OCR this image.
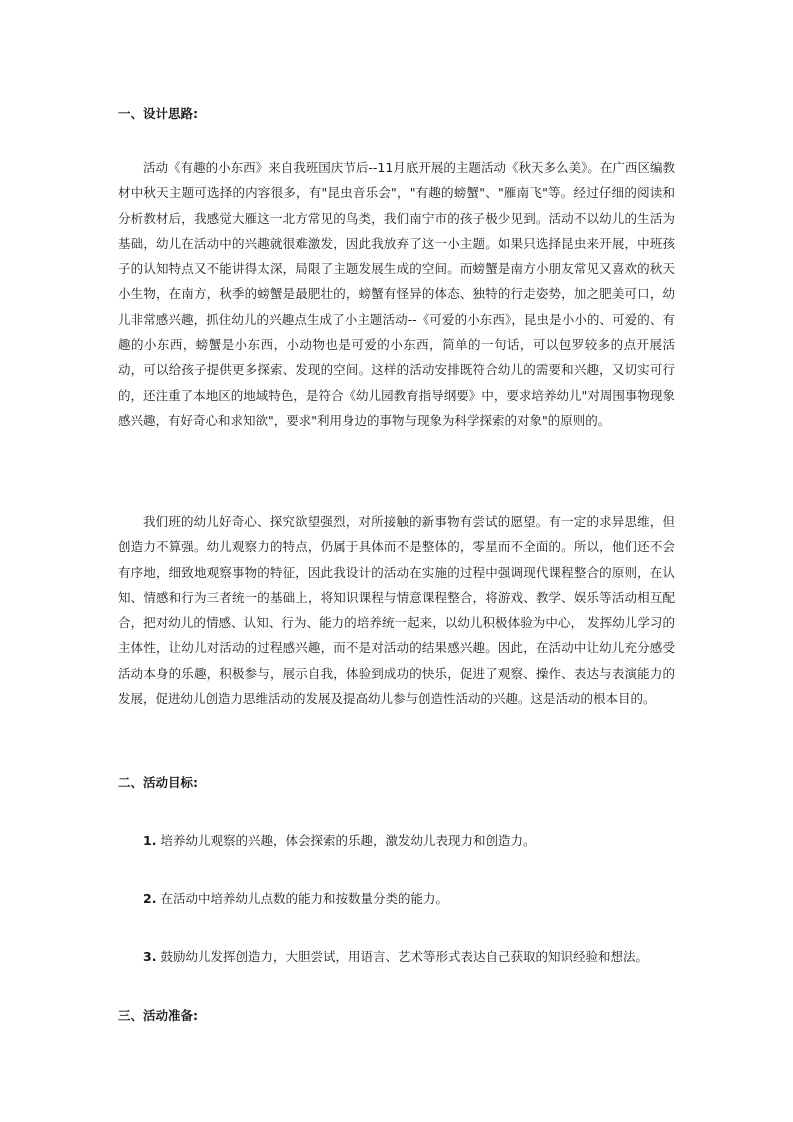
一、设计思路:

活动《有趣的小东西》来自我班国庆节后--11月底开展的主题活动《秋天多么美》。在广西区编教材中秋天主题可选择的内容很多，有"昆虫音乐会"，"有趣的螃蟹"、"雁南飞"等。经过仔细的阅读和分析教材后，我感觉大雁这一北方常见的鸟类，我们南宁市的孩子极少见到。活动不以幼儿的生活为基础，幼儿在活动中的兴趣就很难激发，因此我放弃了这一小主题。如果只选择昆虫来开展，中班孩子的认知特点又不能讲得太深，局限了主题发展生成的空间。而螃蟹是南方小朋友常见又喜欢的秋天小生物，在南方，秋季的螃蟹是最肥壮的，螃蟹有怪异的体态、独特的行走姿势，加之肥美可口，幼儿非常感兴趣，抓住幼儿的兴趣点生成了小主题活动--《可爱的小东西》，昆虫是小小的、可爱的、有趣的小东西，螃蟹是小东西，小动物也是可爱的小东西，简单的一句话，可以包罗较多的点开展活动，可以给孩子提供更多探索、发现的空间。这样的活动安排既符合幼儿的需要和兴趣，又切实可行的，还注重了本地区的地域特色，是符合《幼儿园教育指导纲要》中，要求培养幼儿"对周围事物现象感兴趣，有好奇心和求知欲"，要求"利用身边的事物与现象为科学探索的对象"的原则的。

我们班的幼儿好奇心、探究欲望强烈，对所接触的新事物有尝试的愿望。有一定的求异思维，但创造力不算强。幼儿观察力的特点，仍属于具体而不是整体的，零星而不全面的。所以，他们还不会有序地，细致地观察事物的特征，因此我设计的活动在实施的过程中强调现代课程整合的原则，在认知、情感和行为三者统一的基础上，将知识课程与情意课程整合，将游戏、教学、娱乐等活动相互配合，把对幼儿的情感、认知、行为、能力的培养统一起来，以幼儿积极体验为中心， 发挥幼儿学习的主体性，让幼儿对活动的过程感兴趣，而不是对活动的结果感兴趣。因此，在活动中让幼儿充分感受活动本身的乐趣，积极参与，展示自我，体验到成功的快乐，促进了观察、操作、表达与表演能力的发展，促进幼儿创造力思维活动的发展及提高幼儿参与创造性活动的兴趣。这是活动的根本目的。

二、活动目标:

1. 培养幼儿观察的兴趣，体会探索的乐趣，激发幼儿表现力和创造力。

2. 在活动中培养幼儿点数的能力和按数量分类的能力。

3. 鼓励幼儿发挥创造力，大胆尝试，用语言、艺术等形式表达自己获取的知识经验和想法。

三、活动准备:
